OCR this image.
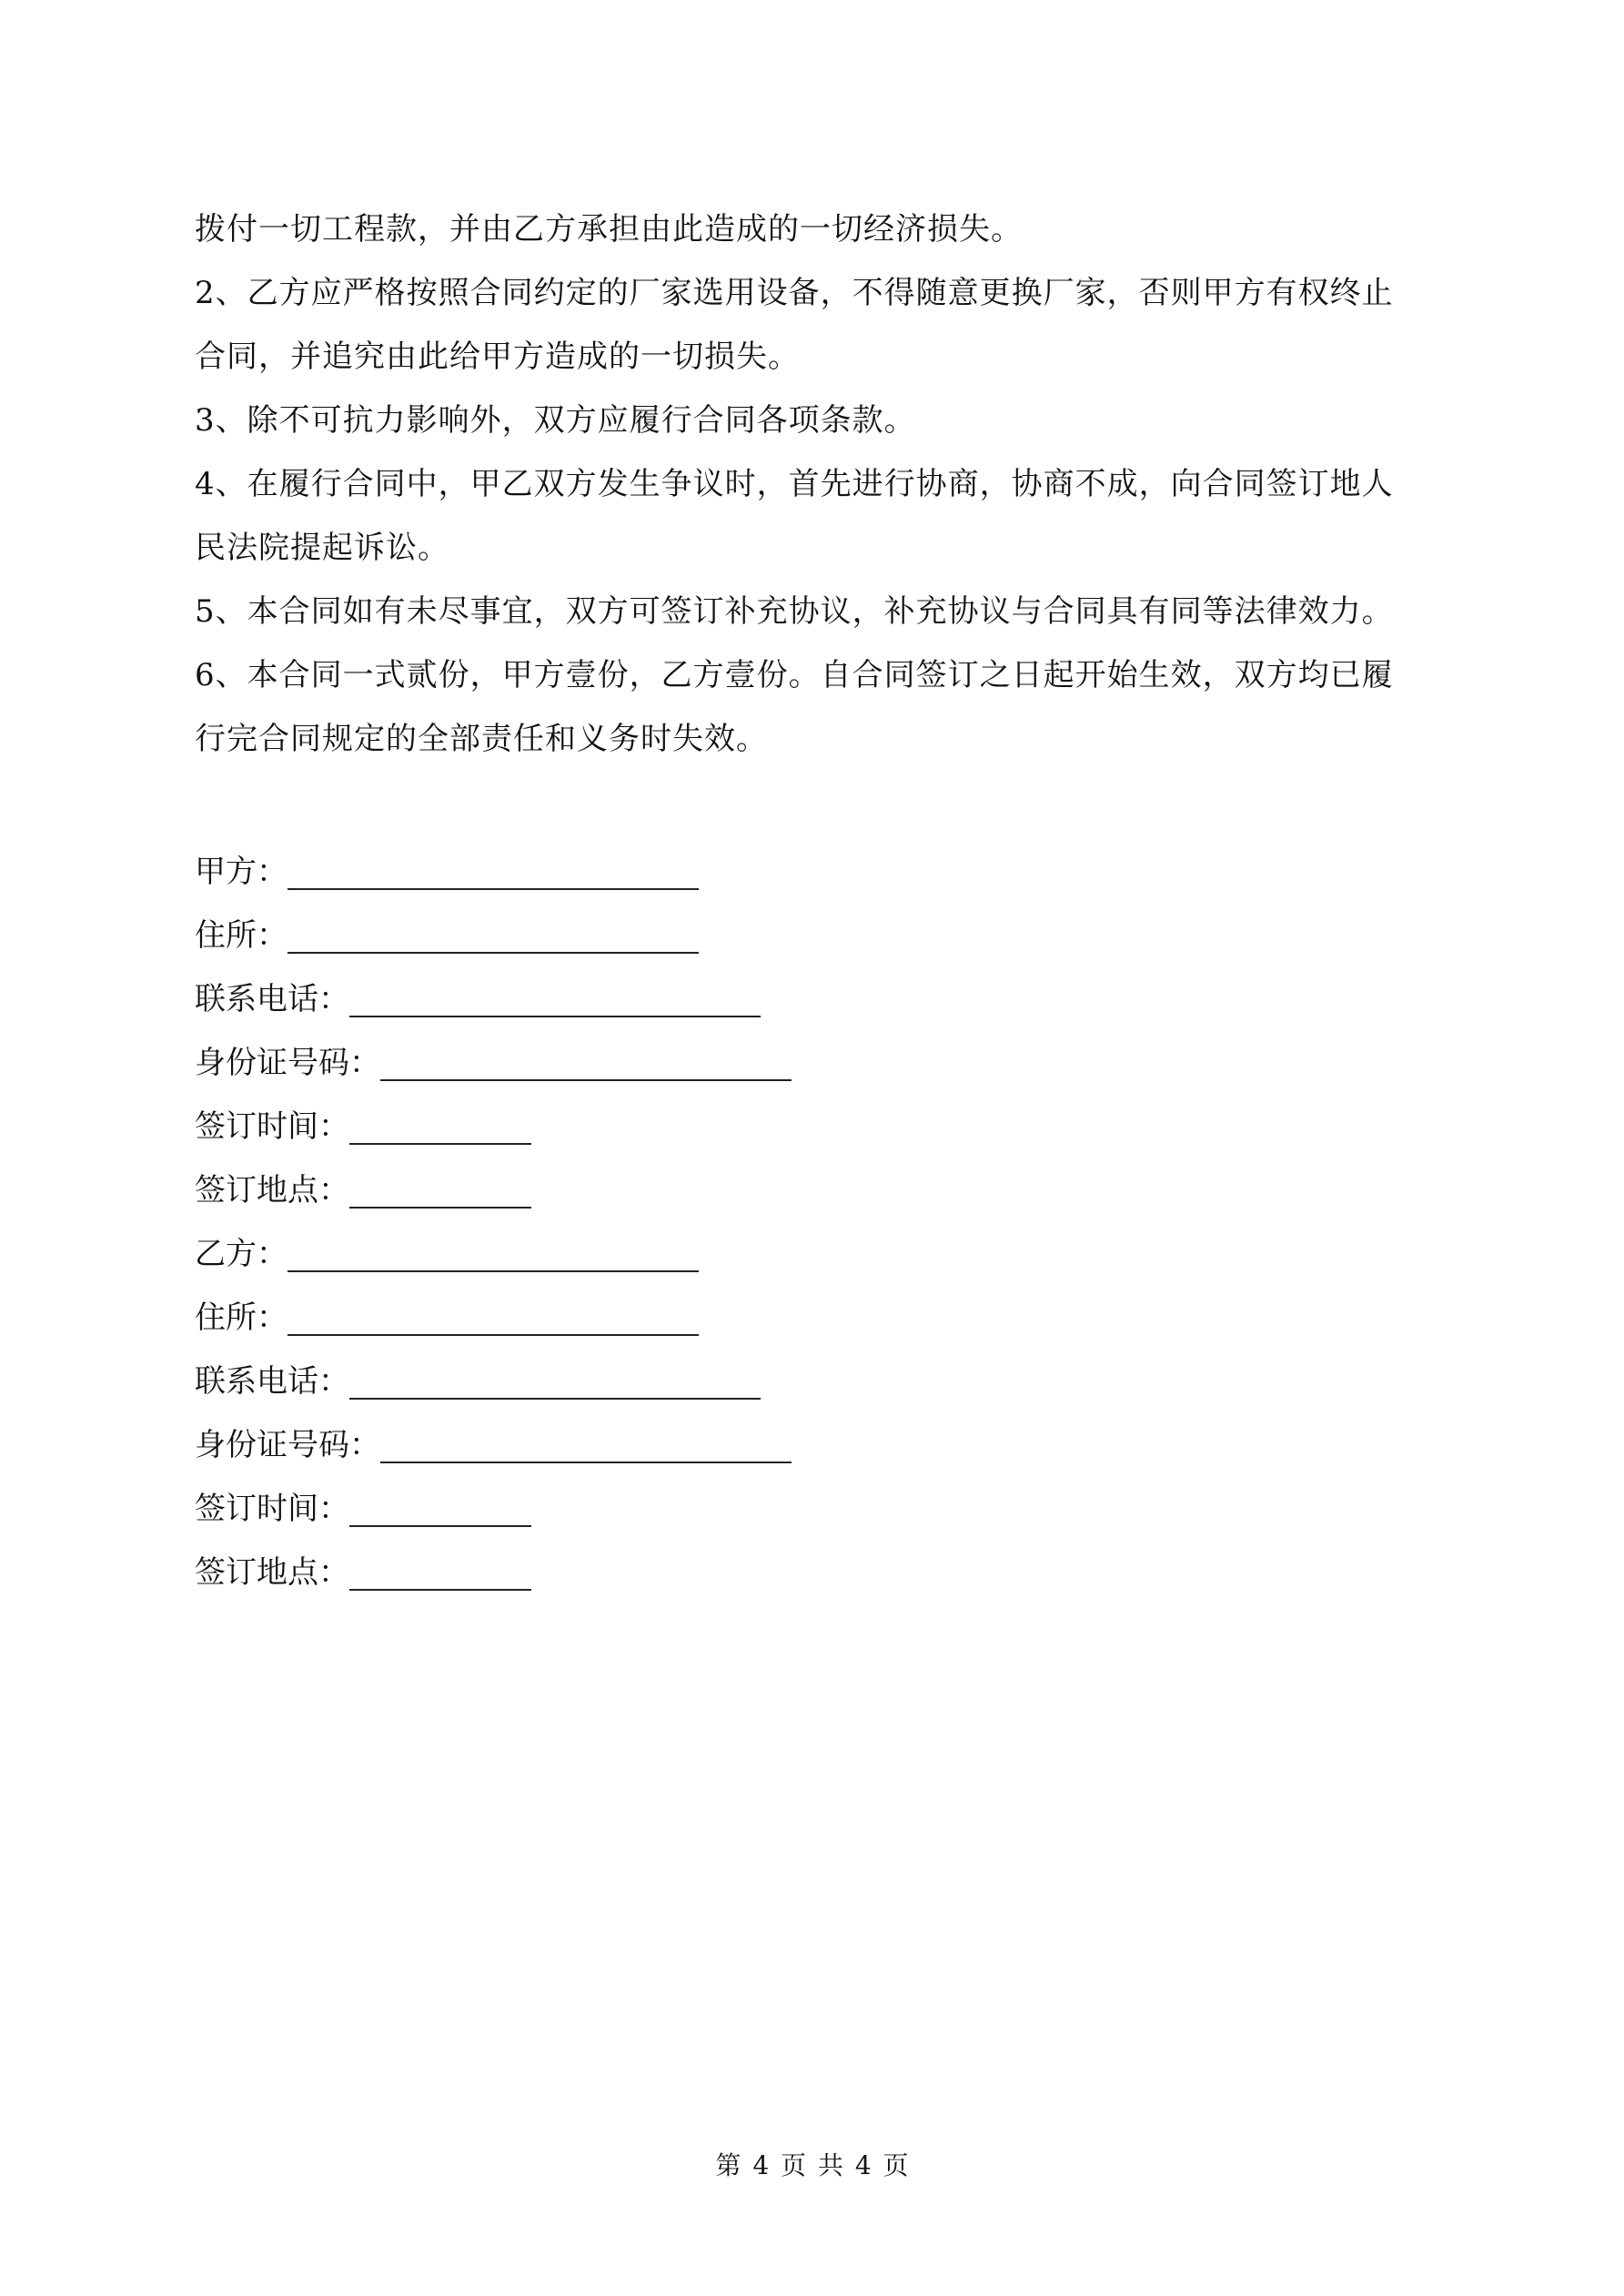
拨付一切工程款，并由乙方承担由此造成的一切经济损失。
2、乙方应严格按照合同约定的厂家选用设备，不得随意更换厂家，否则甲方有权终止
合同，并追究由此给甲方造成的一切损失。
3、除不可抗力影响外，双方应履行合同各项条款。
4、在履行合同中，甲乙双方发生争议时，首先进行协商，协商不成，向合同签订地人
民法院提起诉讼。
5、本合同如有未尽事宜，双方可签订补充协议，补充协议与合同具有同等法律效力。
6、本合同一式贰份，甲方壹份，乙方壹份。自合同签订之日起开始生效，双方均已履
行完合同规定的全部责任和义务时失效。
甲方：
住所：
联系电话：
身份证号码：
签订时间：
签订地点：
乙方：
住所：
联系电话：
身份证号码：
签订时间：
签订地点：
第 4 页 共 4 页
